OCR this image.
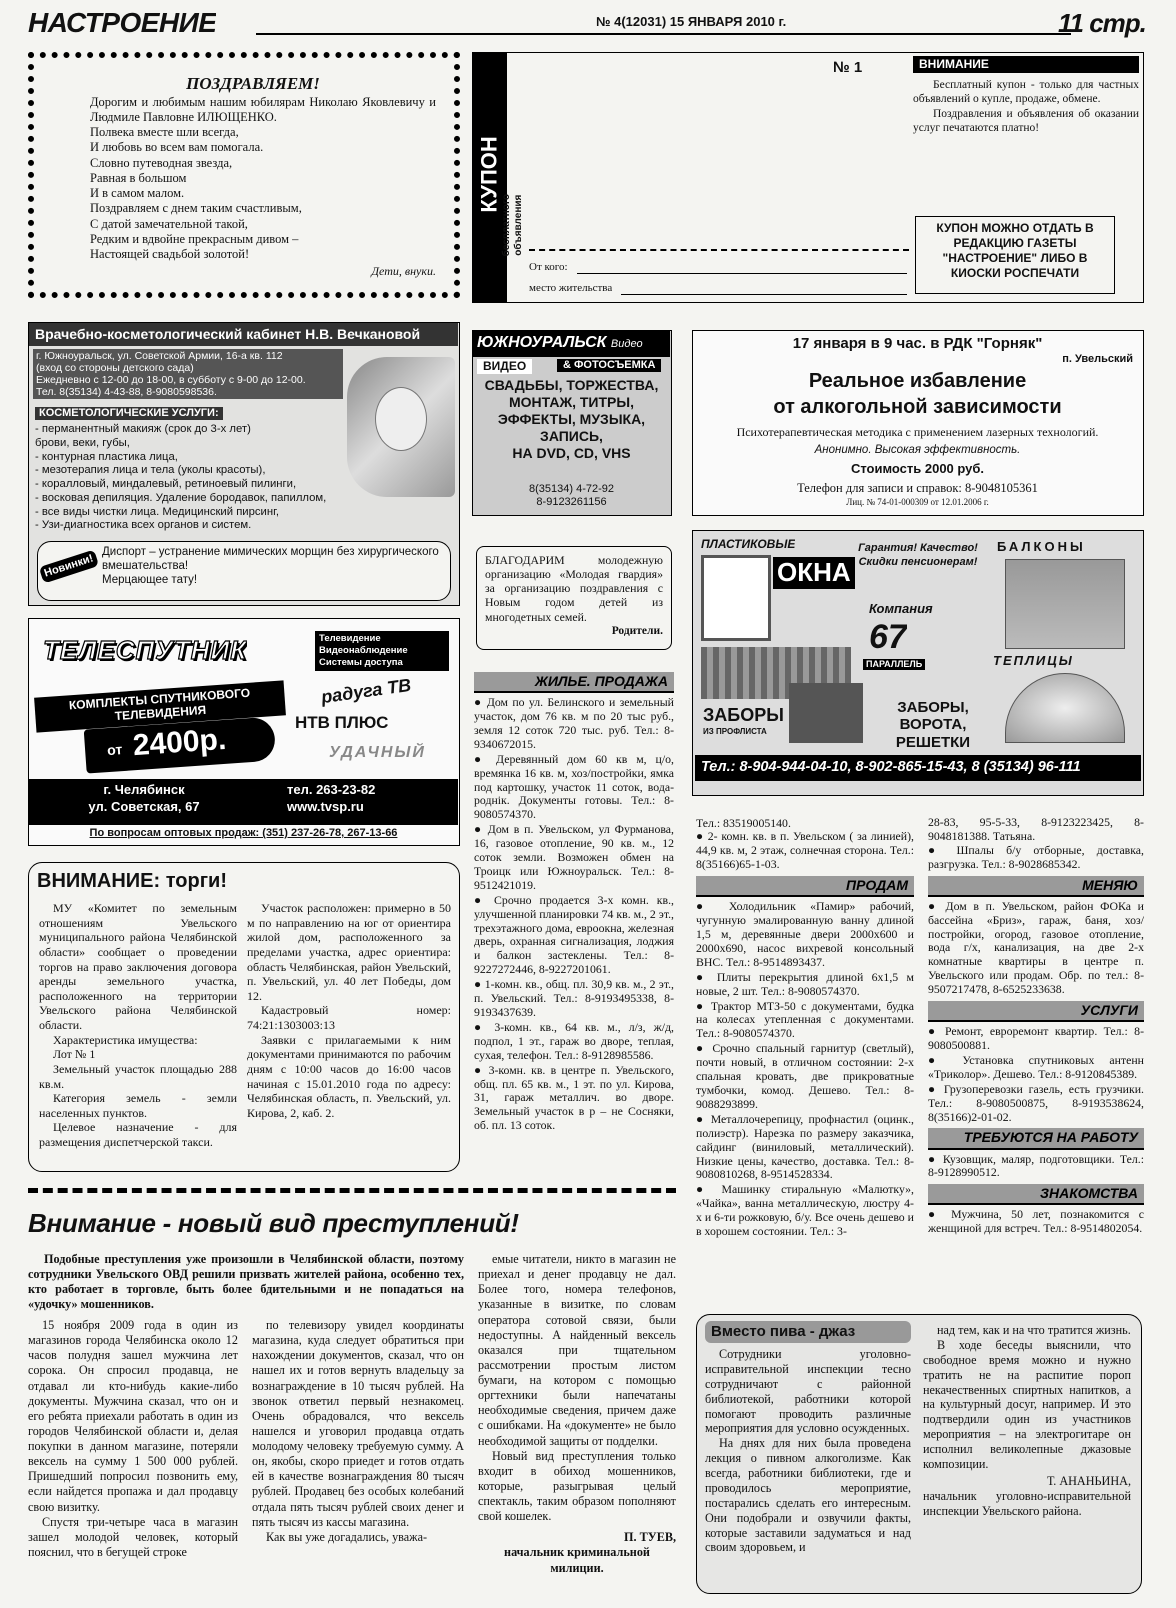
НАСТРОЕНИЕ	№ 4(12031) 15 ЯНВАРЯ 2010 г.	11 стр.
ПОЗДРАВЛЯЕМ!

Дорогим и любимым нашим юбилярам Николаю Яковлевичу и Людмиле Павловне ИЛЮЩЕНКО.

Полвека вместе шли всегда,
И любовь во всем вам помогала.
Словно путеводная звезда,
Равная в большом
И в самом малом.
Поздравляем с днем таким счастливым,
С датой замечательной такой,
Редким и вдвойне прекрасным дивом –
Настоящей свадьбой золотой!
Дети, внуки.
КУПОН
бесплатного объявления
№ 1	ВНИМАНИЕ

Бесплатный купон - только для частных объявлений о купле, продаже, обмене.

Поздравления и объявления об оказании услуг печатаются платно!

От кого:
место жительства
КУПОН МОЖНО ОТДАТЬ В РЕДАКЦИЮ ГАЗЕТЫ "НАСТРОЕНИЕ" ЛИБО В КИОСКИ РОСПЕЧАТИ
Врачебно-косметологический кабинет Н.В. Вечкановой
г. Южноуральск, ул. Советской Армии, 16-а кв. 112
(вход со стороны детского сада)
Ежедневно с 12-00 до 18-00, в субботу с 9-00 до 12-00.
Тел. 8(35134) 4-43-88, 8-9080598536.
КОСМЕТОЛОГИЧЕСКИЕ УСЛУГИ:
- перманентный макияж (срок до 3-х лет)
брови, веки, губы,
- контурная пластика лица,
- мезотерапия лица и тела (уколы красоты),
- коралловый, миндалевый, ретиноевый пилинги,
- восковая депиляция. Удаление бородавок, папиллом,
- все виды чистки лица. Медицинский пирсинг,
- Узи-диагностика всех органов и систем.
Новинки!
Диспорт – устранение мимических морщин без хирургического вмешательства!
Мерцающее тату!
ЮЖНОУРАЛЬСК Видео
ВИДЕО	& ФОТОСЪЕМКА
СВАДЬБЫ, ТОРЖЕСТВА,
МОНТАЖ, ТИТРЫ,
ЭФФЕКТЫ, МУЗЫКА,
ЗАПИСЬ,
НА DVD, CD, VHS
8(35134) 4-72-92
8-9123261156
17 января в 9 час. в РДК "Горняк"
п. Увельский
Реальное избавление
от алкогольной зависимости
Психотерапевтическая методика с применением лазерных технологий.
Анонимно. Высокая эффективность.
Стоимость 2000 руб.
Телефон для записи и справок: 8-9048105361
Лиц. № 74-01-000309 от 12.01.2006 г.

БЛАГОДАРИМ молодежную организацию «Молодая гвардия» за организацию поздравления с Новым годом детей из многодетных семей.

Родители.
ПЛАСТИКОВЫЕ
ОКНА
Гарантия! Качество! Скидки пенсионерам!
БАЛКОНЫ
Компания
67
ПАРАЛЛЕЛЬ	ТЕПЛИЦЫ
ЗАБОРЫ
ИЗ ПРОФЛИСТА
ЗАБОРЫ, ВОРОТА, РЕШЕТКИ
Тел.: 8-904-944-04-10, 8-902-865-15-43, 8 (35134) 96-111
ТЕЛЕСПУТНИК	Телевидение
Видеонаблюдение
Системы доступа
КОМПЛЕКТЫ СПУТНИКОВОГО ТЕЛЕВИДЕНИЯ
от 2400р.
радуга ТВ
НТВ ПЛЮС
УДАЧНЫЙ
г. Челябинск
ул. Советская, 67
тел. 263-23-82
www.tvsp.ru
По вопросам оптовых продаж: (351) 237-26-78, 267-13-66
ВНИМАНИЕ: торги!

МУ «Комитет по земельным отношениям Увельского муниципального района Челябинской области» сообщает о проведении торгов на право заключения договора аренды земельного участка, расположенного на территории Увельского района Челябинской области.

Характеристика имущества:

Лот № 1

Земельный участок площадью 288 кв.м.

Категория земель - земли населенных пунктов.

Целевое назначение - для размещения диспетчерской такси.

Участок расположен: примерно в 50 м по направлению на юг от ориентира жилой дом, расположенного за пределами участка, адрес ориентира: область Челябинская, район Увельский, п. Увельский, ул. 40 лет Победы, дом 12.

Кадастровый номер: 74:21:1303003:13

Заявки с прилагаемыми к ним документами принимаются по рабочим дням с 10:00 часов до 16:00 часов начиная с 15.01.2010 года по адресу: Челябинская область, п. Увельский, ул. Кирова, 2, каб. 2.

ЖИЛЬЕ. ПРОДАЖА
● Дом по ул. Белинского и земельный участок, дом 76 кв. м по 20 тыс руб., земля 12 соток 720 тыс. руб. Тел.: 8-9340672015.
● Деревянный дом 60 кв м, ц/о, времянка 16 кв. м, хоз/постройки, ямка под картошку, участок 11 соток, вода-роднік. Документы готовы. Тел.: 8-9080574370.
● Дом в п. Увельском, ул Фурманова, 16, газовое отопление, 90 кв. м., 12 соток земли. Возможен обмен на Троицк или Южноуральск. Тел.: 8-9512421019.
● Срочно продается 3-х комн. кв., улучшенной планировки 74 кв. м., 2 эт., трехэтажного дома, евроокна, железная дверь, охранная сигнализация, лоджия и балкон застеклены. Тел.: 8-9227272446, 8-9227201061.
● 1-комн. кв., общ. пл. 30,9 кв. м., 2 эт., п. Увельский. Тел.: 8-9193495338, 8-9193437639.
● 3-комн. кв., 64 кв. м., л/з, ж/д, подпол, 1 эт., гараж во дворе, теплая, сухая, телефон. Тел.: 8-9128985586.
● 3-комн. кв. в центре п. Увельского, общ. пл. 65 кв. м., 1 эт. по ул. Кирова, 31, гараж металлич. во дворе. Земельный участок в р – не Сосняки, об. пл. 13 соток.

Тел.: 83519005140.

● 2- комн. кв. в п. Увельском ( за линией), 44,9 кв. м, 2 этаж, солнечная сторона. Тел.: 8(35166)65-1-03.

ПРОДАМ
● Холодильник «Памир» рабочий, чугунную эмалированную ванну длиной 1,5 м, деревянные двери 2000х600 и 2000х690, насос вихревой консольный ВНС. Тел.: 8-9514893437.
● Плиты перекрытия длиной 6х1,5 м новые, 2 шт. Тел.: 8-9080574370.
● Трактор МТЗ-50 с документами, будка на колесах утепленная с документами. Тел.: 8-9080574370.
● Срочно спальный гарнитур (светлый), почти новый, в отличном состоянии: 2-х спальная кровать, две прикроватные тумбочки, комод. Дешево. Тел.: 8-9088293899.
● Металлочерепицу, профнастил (оцинк., полиэстр). Нарезка по размеру заказчика, сайдинг (виниловый, металлический). Низкие цены, качество, доставка. Тел.: 8-9080810268, 8-9514528334.
● Машинку стиральную «Малютку», «Чайка», ванна металлическую, люстру 4-х и 6-ти рожковую, б/у. Все очень дешево и в хорошем состоянии. Тел.: 3-

28-83, 95-5-33, 8-9123223425, 8-9048181388. Татьяна.

● Шпалы б/у отборные, доставка, разгрузка. Тел.: 8-9028685342.

МЕНЯЮ
● Дом в п. Увельском, район ФОКа и бассейна «Бриз», гараж, баня, хоз/постройки, огород, газовое отопление, вода г/х, канализация, на две 2-х комнатные квартиры в центре п. Увельского или продам. Обр. по тел.: 8-9507217478, 8-6525233638.
УСЛУГИ
● Ремонт, евроремонт квартир. Тел.: 8-9080500881.
● Установка спутниковых антенн «Триколор». Дешево. Тел.: 8-9120845389.
● Грузоперевозки газель, есть грузчики. Тел.: 8-9080500875, 8-9193538624, 8(35166)2-01-02.
ТРЕБУЮТСЯ НА РАБОТУ
● Кузовщик, маляр, подготовщики. Тел.: 8-9128990512.
ЗНАКОМСТВА
● Мужчина, 50 лет, познакомится с женщиной для встреч. Тел.: 8-9514802054.
Внимание - новый вид преступлений!

Подобные преступления уже произошли в Челябинской области, поэтому сотрудники Увельского ОВД решили призвать жителей района, особенно тех, кто работает в торговле, быть более бдительными и не попадаться на «удочку» мошенников.

15 ноября 2009 года в один из магазинов города Челябинска около 12 часов полудня зашел мужчина лет сорока. Он спросил продавца, не отдавал ли кто-нибудь какие-либо документы. Мужчина сказал, что он и его ребята приехали работать в один из городов Челябинской области и, делая покупки в данном магазине, потеряли вексель на сумму 1 500 000 рублей. Пришедший попросил позвонить ему, если найдется пропажа и дал продавцу свою визитку.

Спустя три-четыре часа в магазин зашел молодой человек, который пояснил, что в бегущей строке

по телевизору увидел координаты магазина, куда следует обратиться при нахождении документов, сказал, что он нашел их и готов вернуть владельцу за вознаграждение в 10 тысяч рублей. На звонок ответил первый незнакомец. Очень обрадовался, что вексель нашелся и уговорил продавца отдать молодому человеку требуемую сумму. А он, якобы, скоро приедет и готов отдать ей в качестве вознаграждения 80 тысяч рублей. Продавец без особых колебаний отдала пять тысяч рублей своих денег и пять тысяч из кассы магазина.

Как вы уже догадались, уважа-

емые читатели, никто в магазин не приехал и денег продавцу не дал. Более того, номера телефонов, указанные в визитке, по словам оператора сотовой связи, были недоступны. А найденный вексель оказался при тщательном рассмотрении простым листом бумаги, на котором с помощью оргтехники были напечатаны необходимые сведения, причем даже с ошибками. На «документе» не было необходимой защиты от подделки.

Новый вид преступления только входит в обиход мошенников, которые, разыгрывая целый спектакль, таким образом пополняют свой кошелек.

П. ТУЕВ,
начальник криминальной милиции.
Вместо пива - джаз

Сотрудники уголовно-исправительной инспекции тесно сотрудничают с районной библиотекой, работники которой помогают проводить различные мероприятия для условно осужденных.

На днях для них была проведена лекция о пивном алкоголизме. Как всегда, работники библиотеки, где и проводилось мероприятие, постарались сделать его интересным. Они подобрали и озвучили факты, которые заставили задуматься и над своим здоровьем, и

над тем, как и на что тратится жизнь.

В ходе беседы выяснили, что свободное время можно и нужно тратить не на распитие пороп некачественных спиртных напитков, а на культурный досуг, например. И это подтвердили один из участников мероприятия – на электрогитаре он исполнил великолепные джазовые композиции.

Т. АНАНЬИНА,
начальник уголовно-исправительной инспекции Увельского района.
